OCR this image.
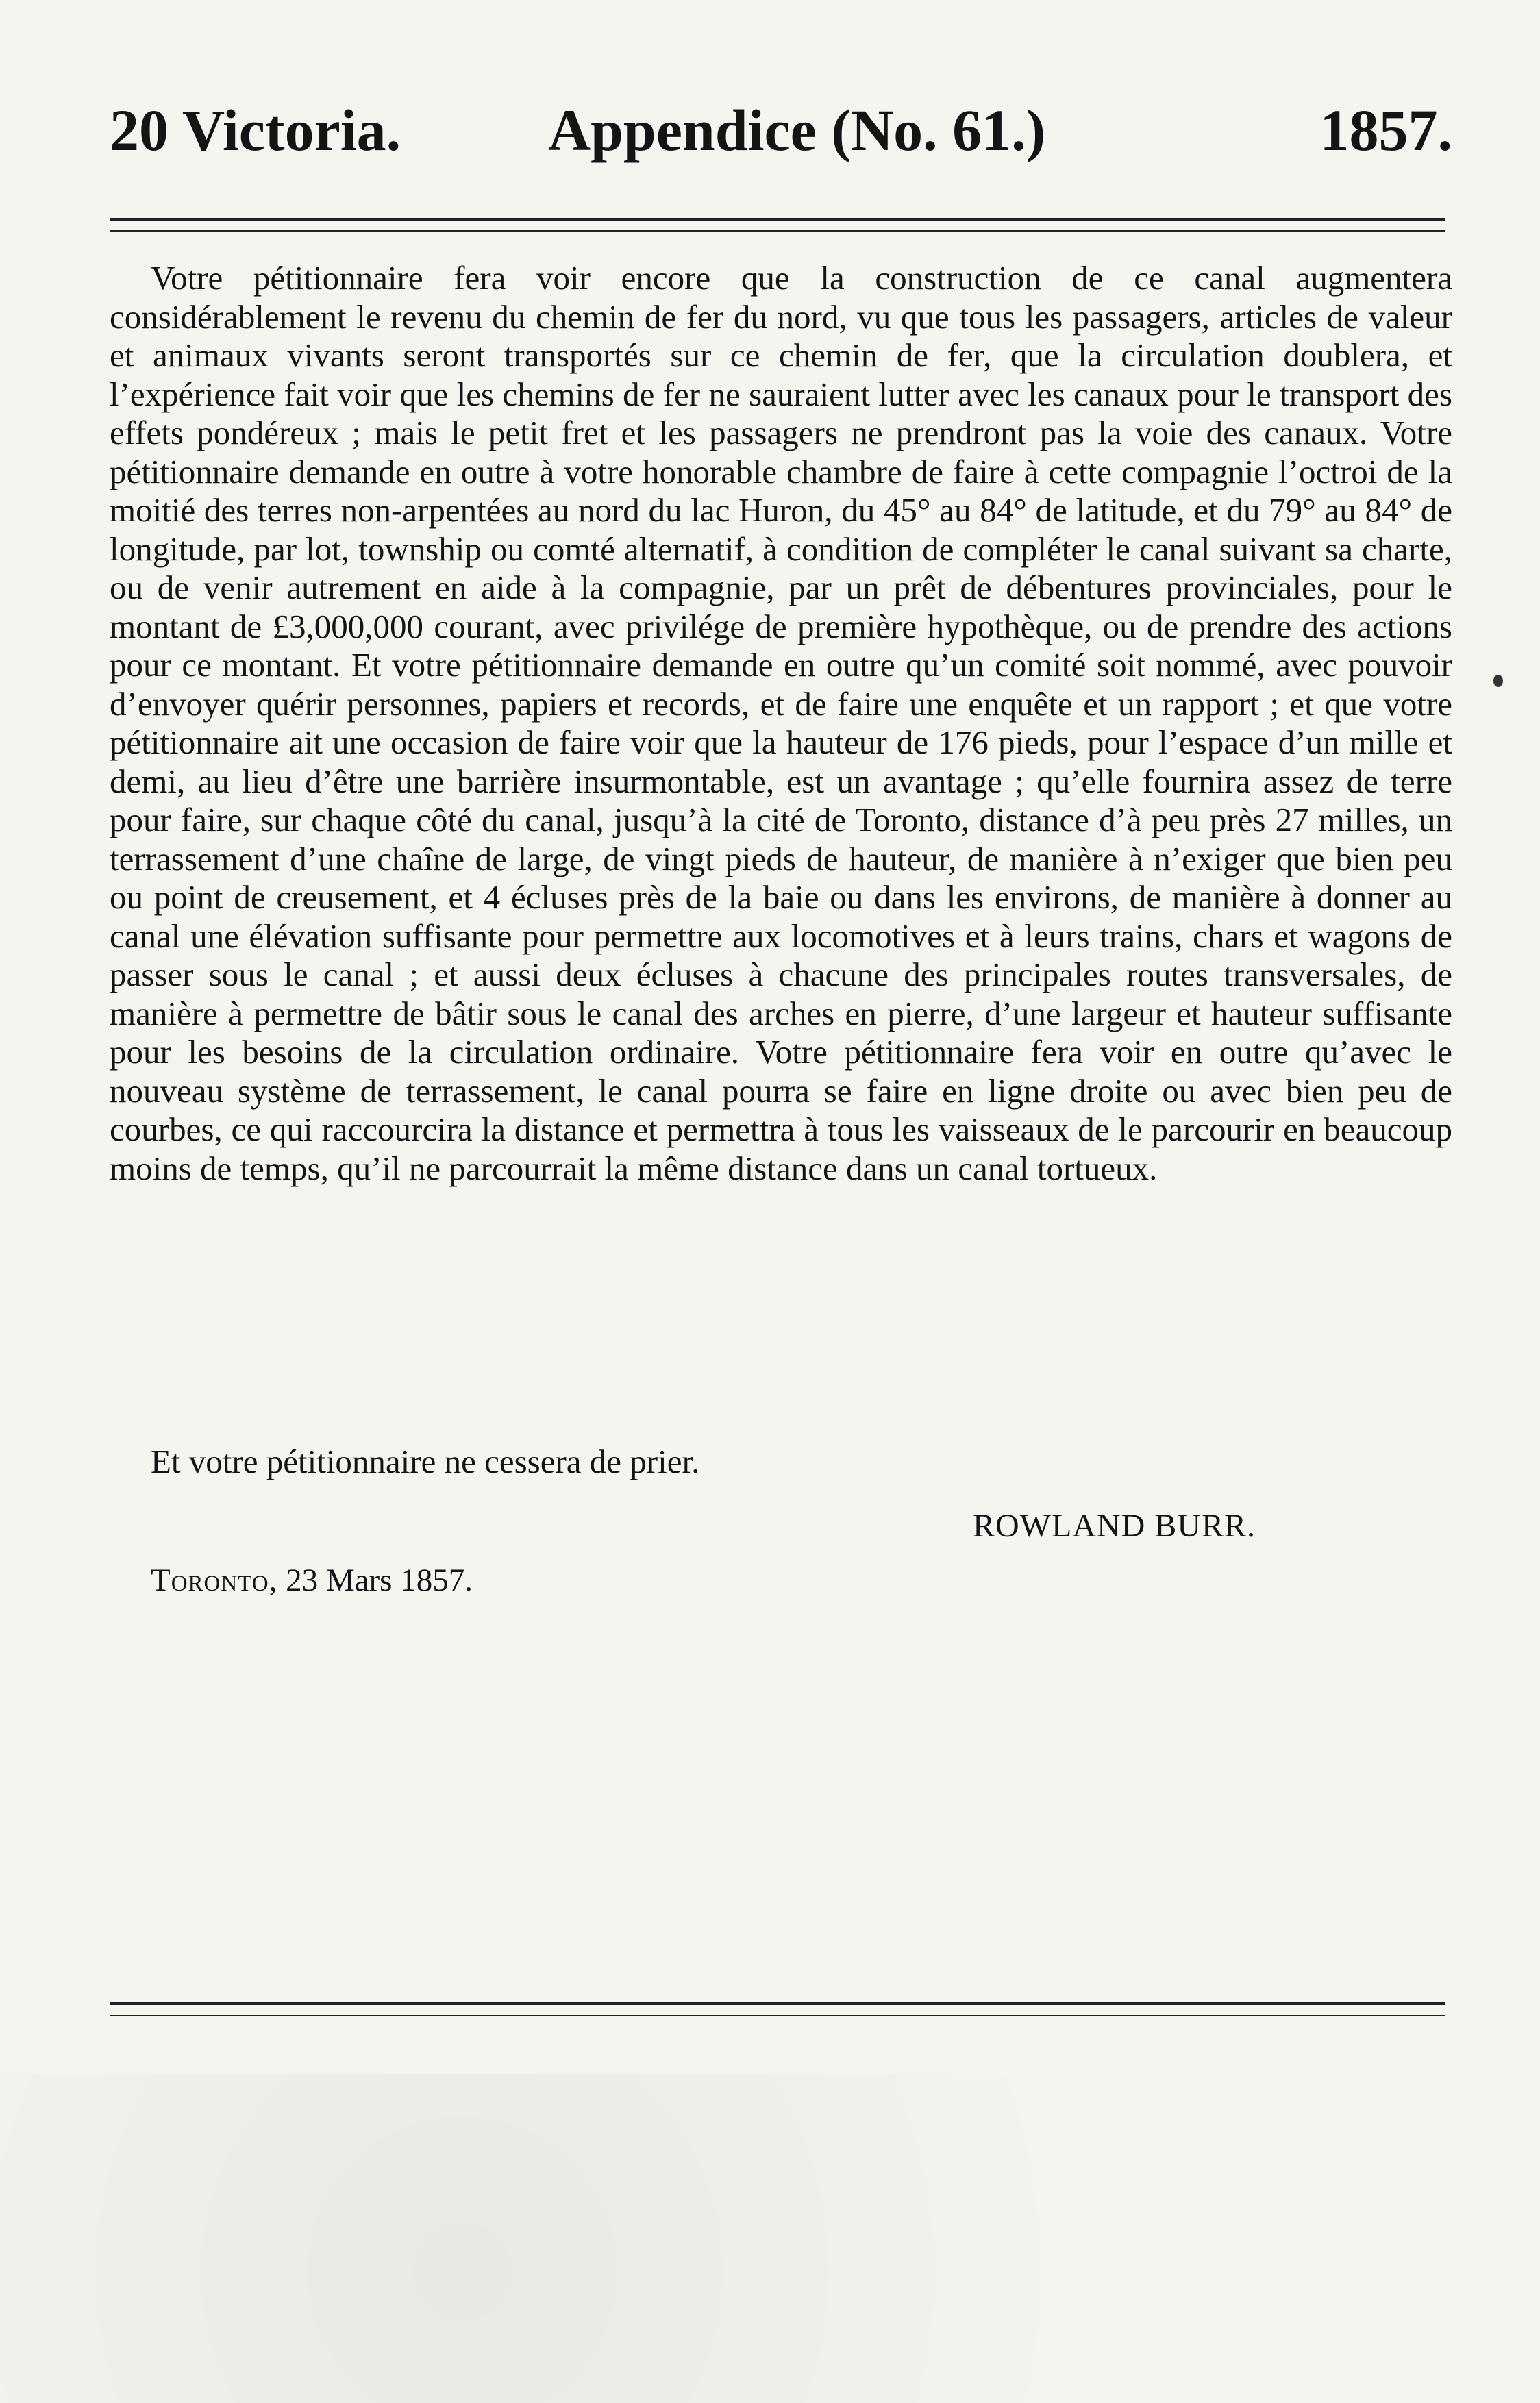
20 Victoria. Appendice (No. 61.)	1857.

Votre pétitionnaire fera voir encore que la construction de ce canal augmentera considérablement le revenu du chemin de fer du nord, vu que tous les passagers, articles de valeur et animaux vivants seront transportés sur ce chemin de fer, que la circulation doublera, et l’expérience fait voir que les chemins de fer ne sauraient lutter avec les canaux pour le transport des effets pondéreux ; mais le petit fret et les passagers ne prendront pas la voie des canaux. Votre pétitionnaire demande en outre à votre honorable chambre de faire à cette compagnie l’octroi de la moitié des terres non-arpentées au nord du lac Huron, du 45° au 84° de latitude, et du 79° au 84° de longitude, par lot, township ou comté alternatif, à condition de compléter le canal suivant sa charte, ou de venir autrement en aide à la compagnie, par un prêt de débentures provinciales, pour le montant de £3,000,000 courant, avec privilége de première hypothèque, ou de prendre des actions pour ce montant. Et votre pétitionnaire demande en outre qu’un comité soit nommé, avec pouvoir d’envoyer quérir personnes, papiers et records, et de faire une enquête et un rapport ; et que votre pétitionnaire ait une occasion de faire voir que la hauteur de 176 pieds, pour l’espace d’un mille et demi, au lieu d’être une barrière insurmontable, est un avantage ; qu’elle fournira assez de terre pour faire, sur chaque côté du canal, jusqu’à la cité de Toronto, distance d’à peu près 27 milles, un terrassement d’une chaîne de large, de vingt pieds de hauteur, de manière à n’exiger que bien peu ou point de creusement, et 4 écluses près de la baie ou dans les environs, de manière à donner au canal une élévation suffisante pour permettre aux locomotives et à leurs trains, chars et wagons de passer sous le canal ; et aussi deux écluses à chacune des principales routes transversales, de manière à permettre de bâtir sous le canal des arches en pierre, d’une largeur et hauteur suffisante pour les besoins de la circulation ordinaire. Votre pétitionnaire fera voir en outre qu’avec le nouveau système de terrassement, le canal pourra se faire en ligne droite ou avec bien peu de courbes, ce qui raccourcira la distance et permettra à tous les vaisseaux de le parcourir en beaucoup moins de temps, qu’il ne parcourrait la même distance dans un canal tortueux.

Et votre pétitionnaire ne cessera de prier.
ROWLAND BURR.
Toronto, 23 Mars 1857.
